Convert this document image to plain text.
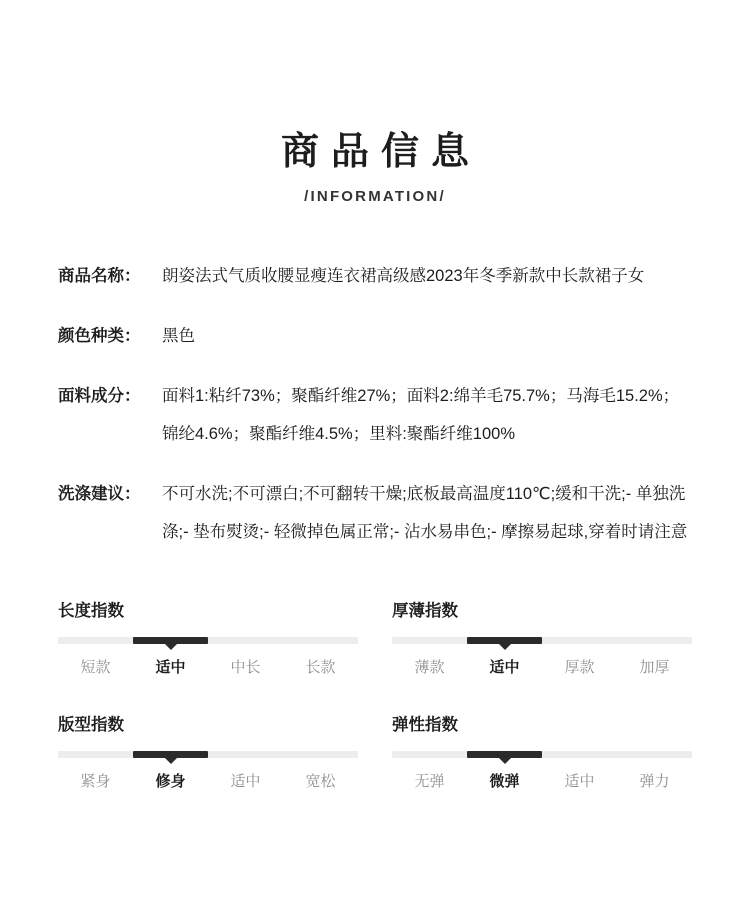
商品信息
/INFORMATION/
商品名称：	朗姿法式气质收腰显瘦连衣裙高级感2023年冬季新款中长款裙子女
颜色种类：	黑色
面料成分：	面料1:粘纤73%；聚酯纤维27%；面料2:绵羊毛75.7%；马海毛15.2%；锦纶4.6%；聚酯纤维4.5%；里料:聚酯纤维100%
洗涤建议：	不可水洗;不可漂白;不可翻转干燥;底板最高温度110℃;缓和干洗;- 单独洗涤;- 垫布熨烫;- 轻微掉色属正常;- 沾水易串色;- 摩擦易起球,穿着时请注意
长度指数
短款	适中	中长	长款
厚薄指数
薄款	适中	厚款	加厚
版型指数
紧身	修身	适中	宽松
弹性指数
无弹	微弹	适中	弹力
